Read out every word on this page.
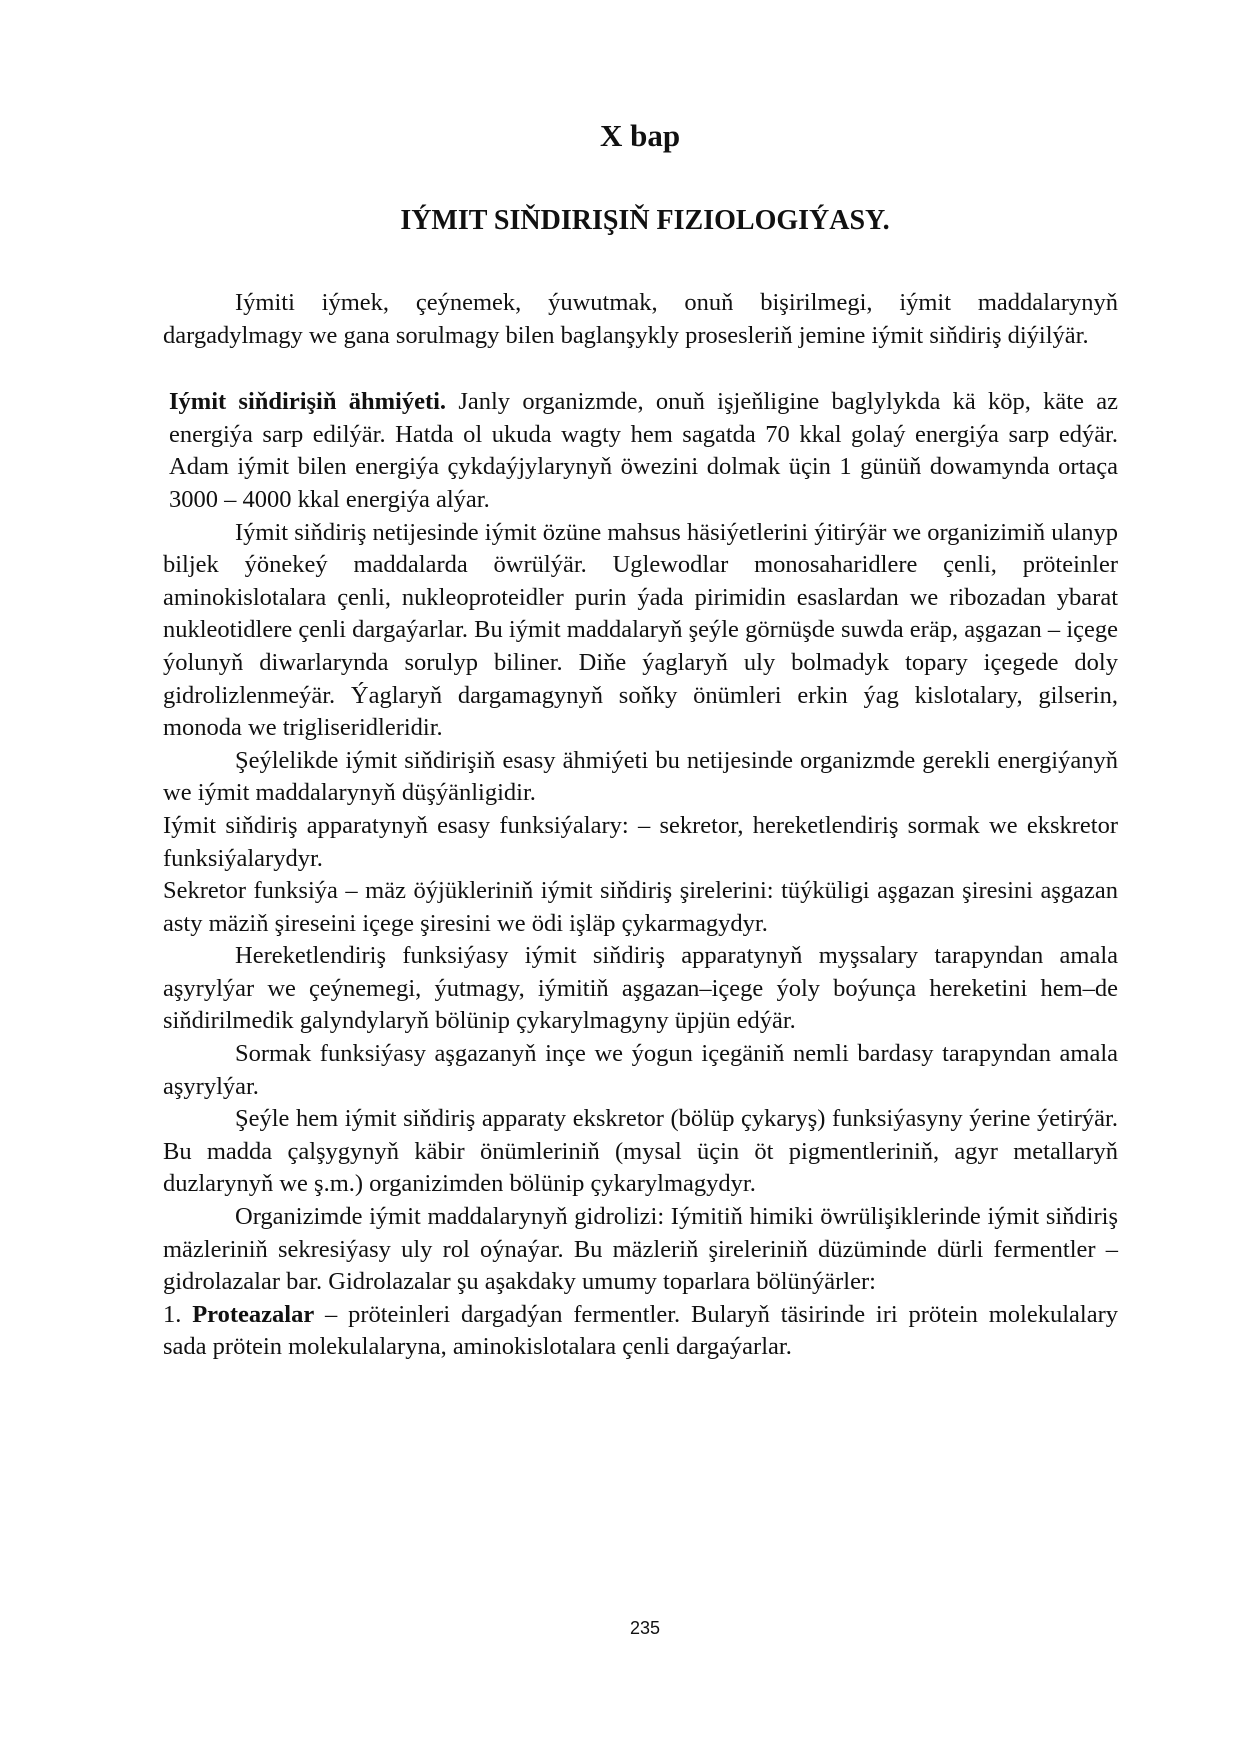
X bap
IÝMIT SIŇDIRIŞIŇ FIZIOLOGIÝASY.

Iýmiti iýmek, çeýnemek, ýuwutmak, onuň bişirilmegi, iýmit maddalarynyň dargadylmagy we gana sorulmagy bilen baglanşykly prosesleriň jemine iýmit siňdiriş diýilýär.

Iýmit siňdirişiň ähmiýeti. Janly organizmde, onuň işjeňligine baglylykda kä köp, käte az energiýa sarp edilýär. Hatda ol ukuda wagty hem sagatda 70 kkal golaý energiýa sarp edýär. Adam iýmit bilen energiýa çykdaýjylarynyň öwezini dolmak üçin 1 günüň dowamynda ortaça 3000 – 4000 kkal energiýa alýar.

Iýmit siňdiriş netijesinde iýmit özüne mahsus häsiýetlerini ýitirýär we organizimiň ulanyp biljek ýönekeý maddalarda öwrülýär. Uglewodlar monosaharidlere çenli, pröteinler aminokislotalara çenli, nukleoproteidler purin ýada pirimidin esaslardan we ribozadan ybarat nukleotidlere çenli dargaýarlar. Bu iýmit maddalaryň şeýle görnüşde suwda eräp, aşgazan – içege ýolunyň diwarlarynda sorulyp biliner. Diňe ýaglaryň uly bolmadyk topary içegede doly gidrolizlenmeýär. Ýaglaryň dargamagynyň soňky önümleri erkin ýag kislotalary, gilserin, monoda we trigliseridleridir.

Şeýlelikde iýmit siňdirişiň esasy ähmiýeti bu netijesinde organizmde gerekli energiýanyň we iýmit maddalarynyň düşýänligidir.

Iýmit siňdiriş apparatynyň esasy funksiýalary: – sekretor, hereketlendiriş sormak we ekskretor funksiýalarydyr.

Sekretor funksiýa – mäz öýjükleriniň iýmit siňdiriş şirelerini: tüýküligi aşgazan şiresini aşgazan asty mäziň şireseini içege şiresini we ödi işläp çykarmagydyr.

Hereketlendiriş funksiýasy iýmit siňdiriş apparatynyň myşsalary tarapyndan amala aşyrylýar we çeýnemegi, ýutmagy, iýmitiň aşgazan–içege ýoly boýunça hereketini hem–de siňdirilmedik galyndylaryň bölünip çykarylmagyny üpjün edýär.

Sormak funksiýasy aşgazanyň inçe we ýogun içegäniň nemli bardasy tarapyndan amala aşyrylýar.

Şeýle hem iýmit siňdiriş apparaty ekskretor (bölüp çykaryş) funksiýasyny ýerine ýetirýär. Bu madda çalşygynyň käbir önümleriniň (mysal üçin öt pigmentleriniň, agyr metallaryň duzlarynyň we ş.m.) organizimden bölünip çykarylmagydyr.

Organizimde iýmit maddalarynyň gidrolizi: Iýmitiň himiki öwrülişiklerinde iýmit siňdiriş mäzleriniň sekresiýasy uly rol oýnaýar. Bu mäzleriň şireleriniň düzüminde dürli fermentler – gidrolazalar bar. Gidrolazalar şu aşakdaky umumy toparlara bölünýärler:

1. Proteazalar – pröteinleri dargadýan fermentler. Bularyň täsirinde iri prötein molekulalary sada prötein molekulalaryna, aminokislotalara çenli dargaýarlar.

235
